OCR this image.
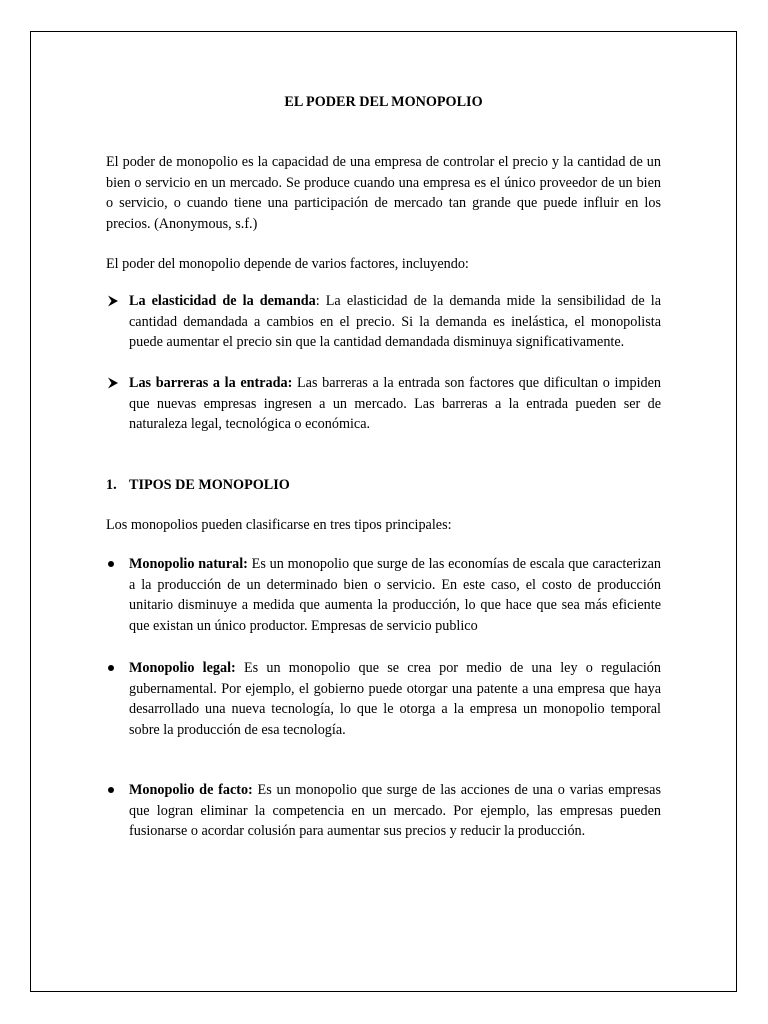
EL PODER DEL MONOPOLIO

El poder de monopolio es la capacidad de una empresa de controlar el precio y la cantidad de un bien o servicio en un mercado. Se produce cuando una empresa es el único proveedor de un bien o servicio, o cuando tiene una participación de mercado tan grande que puede influir en los precios. (Anonymous, s.f.)

El poder del monopolio depende de varios factores, incluyendo:

La elasticidad de la demanda: La elasticidad de la demanda mide la sensibilidad de la cantidad demandada a cambios en el precio. Si la demanda es inelástica, el monopolista puede aumentar el precio sin que la cantidad demandada disminuya significativamente.

Las barreras a la entrada: Las barreras a la entrada son factores que dificultan o impiden que nuevas empresas ingresen a un mercado. Las barreras a la entrada pueden ser de naturaleza legal, tecnológica o económica.

1. TIPOS DE MONOPOLIO

Los monopolios pueden clasificarse en tres tipos principales:

Monopolio natural: Es un monopolio que surge de las economías de escala que caracterizan a la producción de un determinado bien o servicio. En este caso, el costo de producción unitario disminuye a medida que aumenta la producción, lo que hace que sea más eficiente que existan un único productor. Empresas de servicio publico

Monopolio legal: Es un monopolio que se crea por medio de una ley o regulación gubernamental. Por ejemplo, el gobierno puede otorgar una patente a una empresa que haya desarrollado una nueva tecnología, lo que le otorga a la empresa un monopolio temporal sobre la producción de esa tecnología.

Monopolio de facto: Es un monopolio que surge de las acciones de una o varias empresas que logran eliminar la competencia en un mercado. Por ejemplo, las empresas pueden fusionarse o acordar colusión para aumentar sus precios y reducir la producción.
